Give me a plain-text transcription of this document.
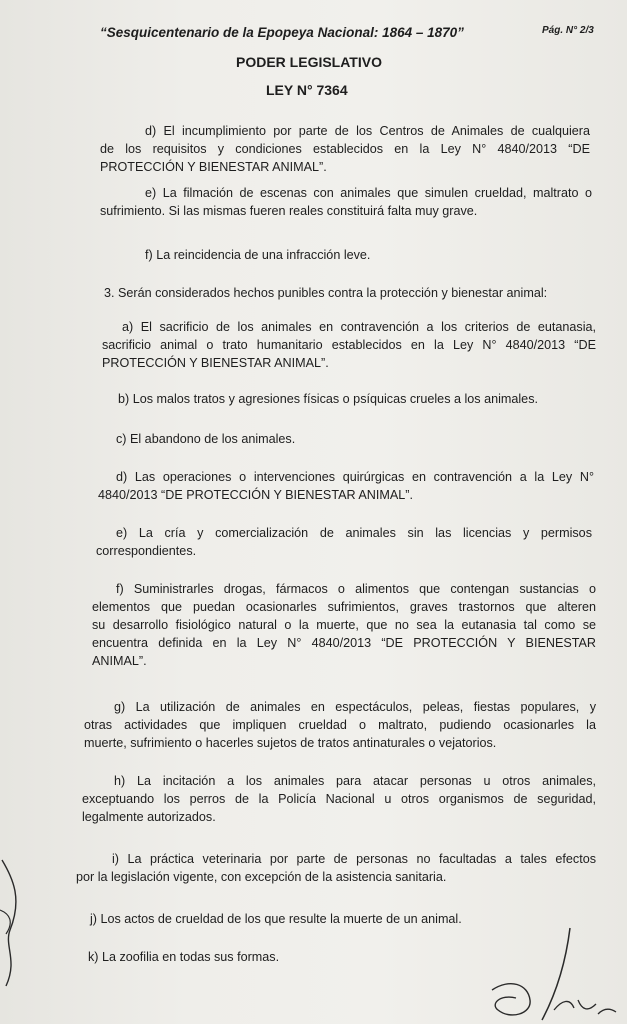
“Sesquicentenario de la Epopeya Nacional: 1864 – 1870”	Pág. N° 2/3
PODER LEGISLATIVO
LEY N° 7364
d) El incumplimiento por parte de los Centros de Animales de cualquiera
de los requisitos y condiciones establecidos en la Ley N° 4840/2013 “DE
PROTECCIÓN Y BIENESTAR ANIMAL”.
e) La filmación de escenas con animales que simulen crueldad, maltrato o
sufrimiento. Si las mismas fueren reales constituirá falta muy grave.
f) La reincidencia de una infracción leve.
3. Serán considerados hechos punibles contra la protección y bienestar animal:
a) El sacrificio de los animales en contravención a los criterios de eutanasia,
sacrificio animal o trato humanitario establecidos en la Ley N° 4840/2013 “DE
PROTECCIÓN Y BIENESTAR ANIMAL”.
b) Los malos tratos y agresiones físicas o psíquicas crueles a los animales.
c) El abandono de los animales.
d) Las operaciones o intervenciones quirúrgicas en contravención a la Ley N°
4840/2013 “DE PROTECCIÓN Y BIENESTAR ANIMAL”.
e) La cría y comercialización de animales sin las licencias y permisos
correspondientes.
f) Suministrarles drogas, fármacos o alimentos que contengan sustancias o
elementos que puedan ocasionarles sufrimientos, graves trastornos que alteren
su desarrollo fisiológico natural o la muerte, que no sea la eutanasia tal como se
encuentra definida en la Ley N° 4840/2013 “DE PROTECCIÓN Y BIENESTAR
ANIMAL”.
g) La utilización de animales en espectáculos, peleas, fiestas populares, y
otras actividades que impliquen crueldad o maltrato, pudiendo ocasionarles la
muerte, sufrimiento o hacerles sujetos de tratos antinaturales o vejatorios.
h) La incitación a los animales para atacar personas u otros animales,
exceptuando los perros de la Policía Nacional u otros organismos de seguridad,
legalmente autorizados.
i) La práctica veterinaria por parte de personas no facultadas a tales efectos
por la legislación vigente, con excepción de la asistencia sanitaria.
j) Los actos de crueldad de los que resulte la muerte de un animal.
k) La zoofilia en todas sus formas.
